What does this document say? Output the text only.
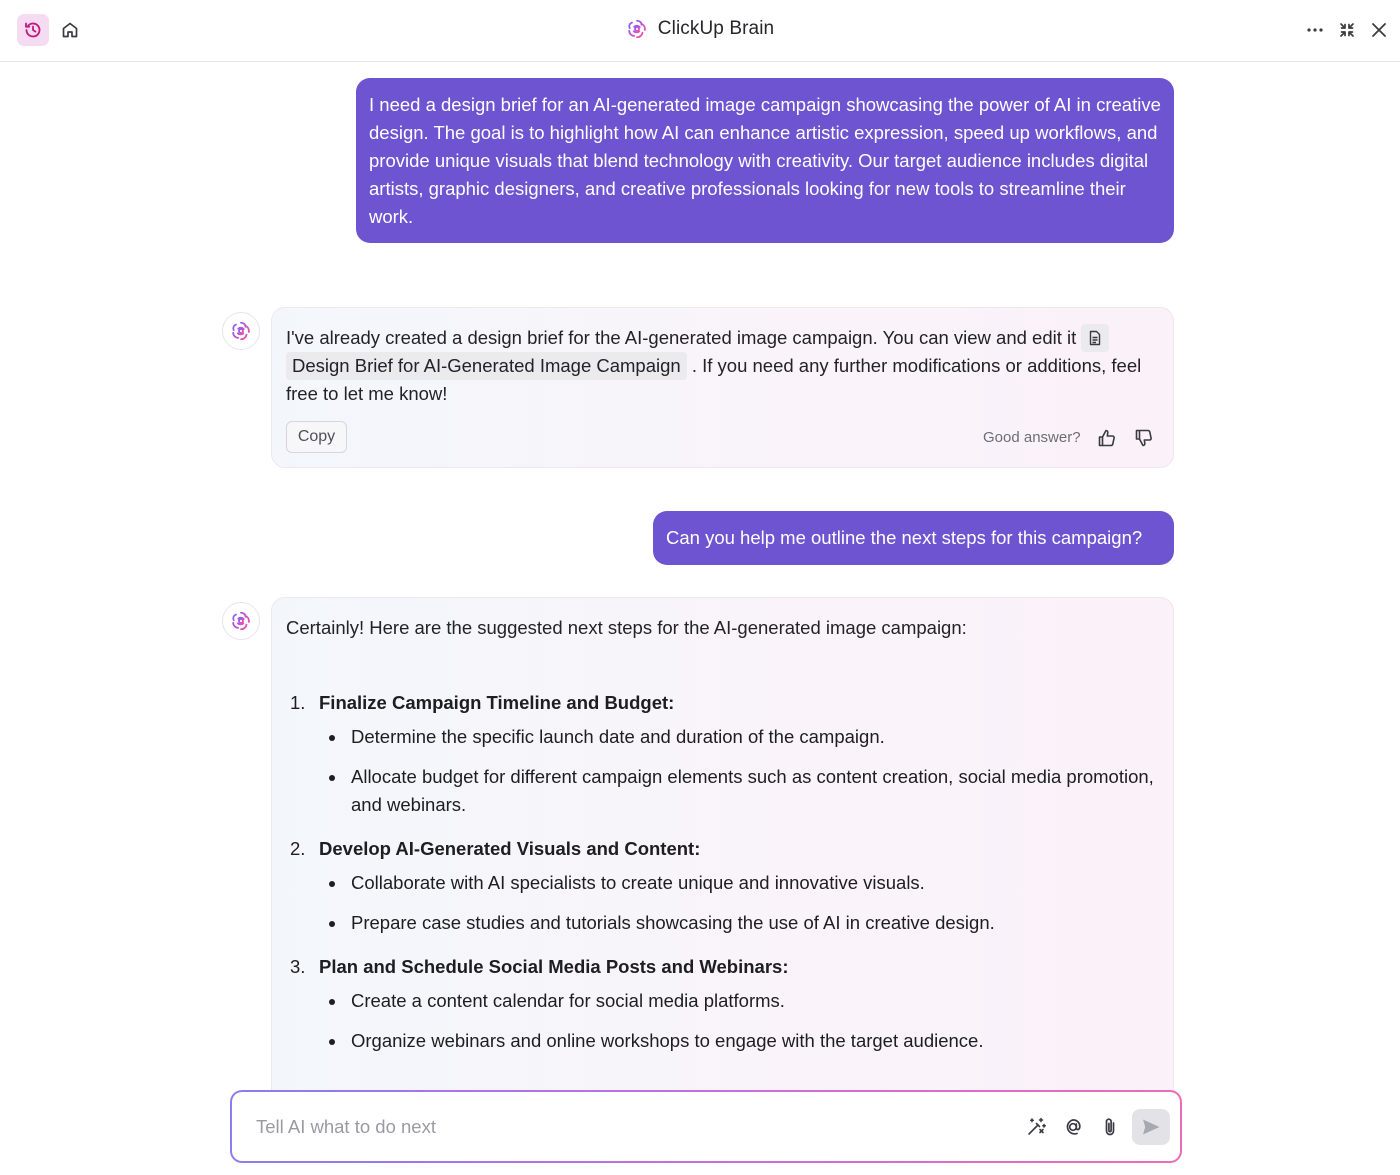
ClickUp Brain
I need a design brief for an AI-generated image campaign showcasing the power of AI in creative design. The goal is to highlight how AI can enhance artistic expression, speed up workflows, and provide unique visuals that blend technology with creativity. Our target audience includes digital artists, graphic designers, and creative professionals looking for new tools to streamline their work.
I've already created a design brief for the AI-generated image campaign. You can view and edit it

Design Brief for AI-Generated Image Campaign . If you need any further modifications or additions, feel free to let me know!
Copy	Good answer?
Can you help me outline the next steps for this campaign?
Certainly! Here are the suggested next steps for the AI-generated image campaign:
1. Finalize Campaign Timeline and Budget:
Determine the specific launch date and duration of the campaign.
Allocate budget for different campaign elements such as content creation, social media promotion, and webinars.
2. Develop AI-Generated Visuals and Content:
Collaborate with AI specialists to create unique and innovative visuals.
Prepare case studies and tutorials showcasing the use of AI in creative design.
3. Plan and Schedule Social Media Posts and Webinars:
Create a content calendar for social media platforms.
Organize webinars and online workshops to engage with the target audience.
Tell AI what to do next
